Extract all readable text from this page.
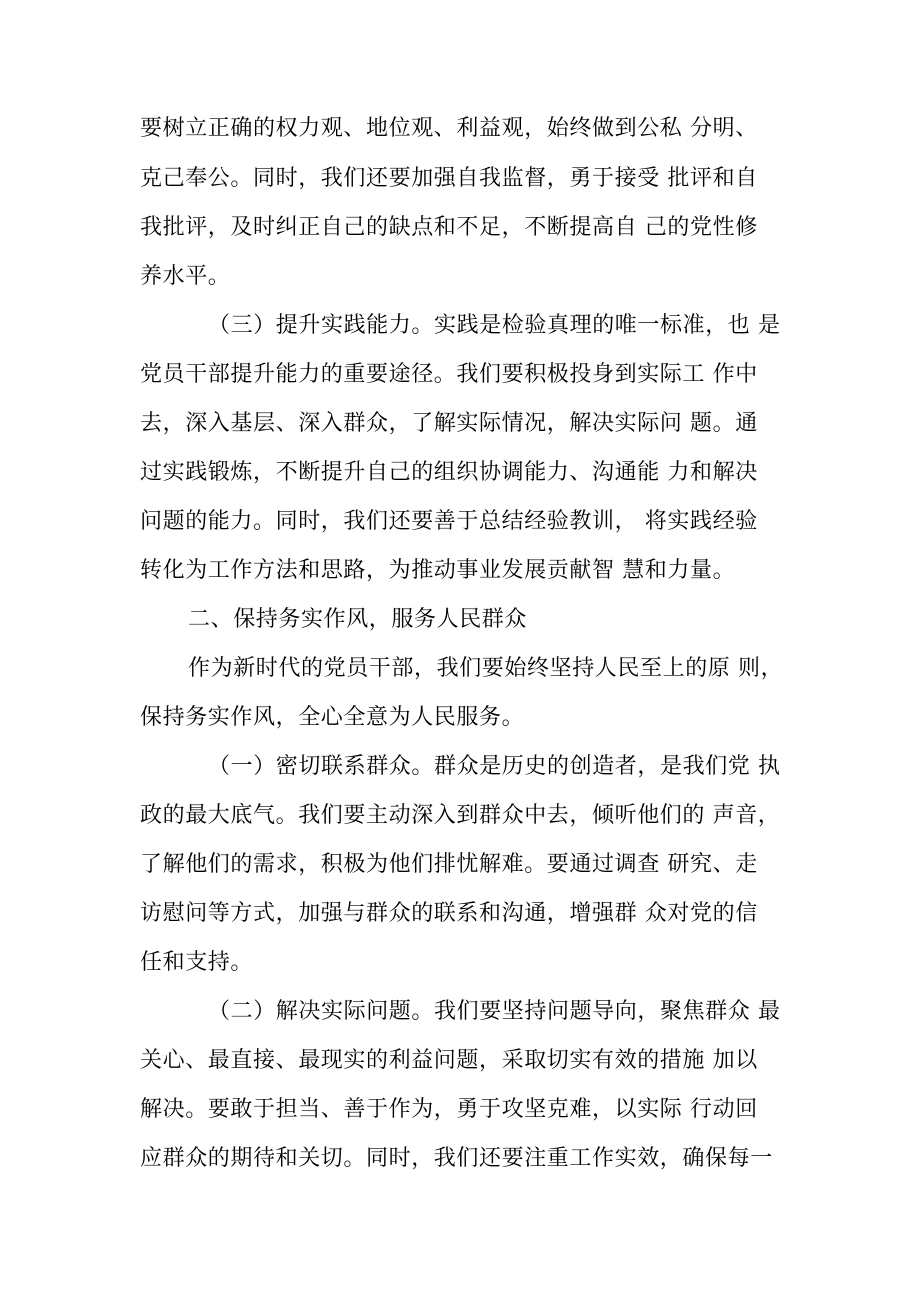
要树立正确的权力观、地位观、利益观，始终做到公私 分明、
克己奉公。同时，我们还要加强自我监督，勇于接受 批评和自
我批评，及时纠正自己的缺点和不足，不断提高自 己的党性修
养水平。
（三）提升实践能力。实践是检验真理的唯一标准，也 是
党员干部提升能力的重要途径。我们要积极投身到实际工 作中
去，深入基层、深入群众，了解实际情况，解决实际问 题。通
过实践锻炼，不断提升自己的组织协调能力、沟通能 力和解决
问题的能力。同时，我们还要善于总结经验教训， 将实践经验
转化为工作方法和思路，为推动事业发展贡献智 慧和力量。
二、保持务实作风，服务人民群众
作为新时代的党员干部，我们要始终坚持人民至上的原 则，
保持务实作风，全心全意为人民服务。
（一）密切联系群众。群众是历史的创造者，是我们党 执
政的最大底气。我们要主动深入到群众中去，倾听他们的 声音，
了解他们的需求，积极为他们排忧解难。要通过调查 研究、走
访慰问等方式，加强与群众的联系和沟通，增强群 众对党的信
任和支持。
（二）解决实际问题。我们要坚持问题导向，聚焦群众 最
关心、最直接、最现实的利益问题，采取切实有效的措施 加以
解决。要敢于担当、善于作为，勇于攻坚克难，以实际 行动回
应群众的期待和关切。同时，我们还要注重工作实效，确保每一
